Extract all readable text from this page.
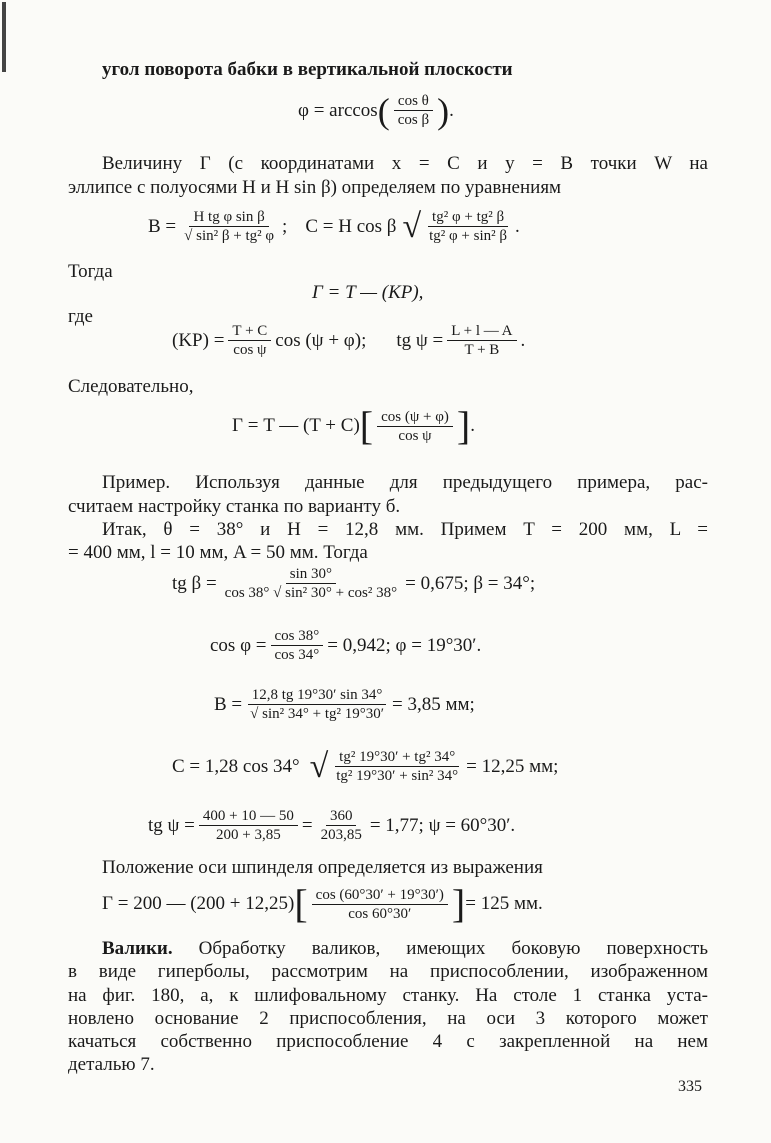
угол поворота бабки в вертикальной плоскости
φ = arccos ( $\frac{\text{cos θ}}{\text{cos β}}$ ) .
Величину Г (с координатами x = C и y = B точки W на
эллипсе с полуосями H и H sin β) определяем по уравнениям
$B = \frac{\text{H tg φ sin β}}{\text{√ sin² β + tg² φ}}$ ; C = H cos β √ $\frac{\text{tg² φ + tg² β}}{\text{tg² φ + sin² β}}$ .
Тогда
Г = T — (KP),
где
$(KP) = \frac{T + C}{\text{cos ψ}}$ cos (ψ + φ); tg $\psi = \frac{L + l — A}{T + B}$ .
Следовательно,
Г = T — (T + C) [ $\frac{\cos (\psi + \varphi)}{\text{cos ψ}}$ ] .
Пример. Используя данные для предыдущего примера, рас-
считаем настройку станка по варианту б.
Итак, θ = 38° и H = 12,8 мм. Примем T = 200 мм, L =
= 400 мм, l = 10 мм, A = 50 мм. Тогда
tg $\beta = \frac{\sin 30^\circ}{\text{cos 38° √ sin² 30° + cos² 38°}} = 0,675$; β = 34°;
$\cos \varphi = \frac{\cos 38^\circ}{\cos 34^\circ} = 0,942$; φ = 19°30′.
$B = \frac{12,8 tg 19^\circ 30' \sin 34^\circ}{\text{√ sin² 34° + tg² 19°30′}} = 3,85$ мм;
C = 1,28 cos 34° √ $\frac{\text{tg² 19°30′ + tg² 34°}}{\text{tg² 19°30′ + sin² 34°}} = 12,25$ мм;
tg $\psi = \frac{400 + 10 — 50}{200 + 3,85} = \frac{360}{203,85} = 1,77$; ψ = 60°30′.
Положение оси шпинделя определяется из выражения
Г = 200 — (200 + 12,25) [ $\frac{\cos (60^\circ 30' + 19^\circ 30')}{\cos 60^\circ 30'}$ ] = 125 мм.
Валики. Обработку валиков, имеющих боковую поверхность
в виде гиперболы, рассмотрим на приспособлении, изображенном
на фиг. 180, а, к шлифовальному станку. На столе 1 станка уста-
новлено основание 2 приспособления, на оси 3 которого может
качаться собственно приспособление 4 с закрепленной на нем
деталью 7.
335
